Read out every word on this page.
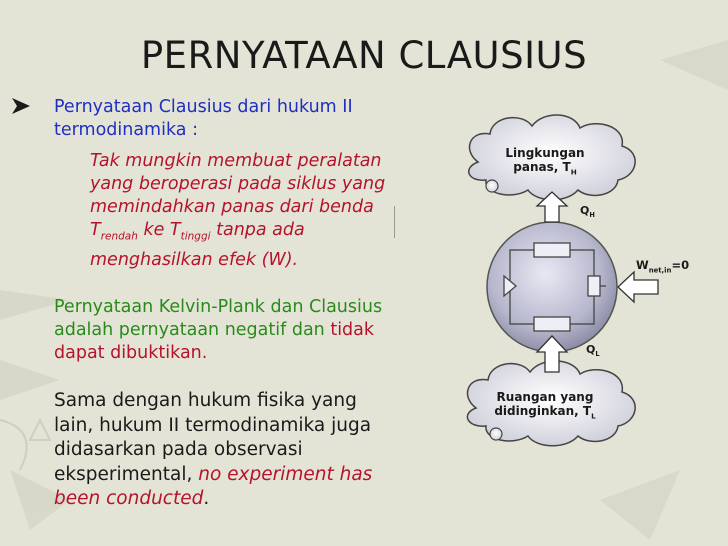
PERNYATAAN CLAUSIUS
Pernyataan Clausius dari hukum II
termodinamika :
Tak mungkin membuat peralatan
yang beroperasi pada siklus yang
memindahkan panas dari benda
$T_{rendah}$ ke $T_{tinggi}$ tanpa ada
menghasilkan efek (W).
Pernyataan Kelvin-Plank dan Clausius
adalah pernyataan negatif dan tidak
dapat dibuktikan.
Sama dengan hukum fisika yang
lain, hukum II termodinamika juga
didasarkan pada observasi
eksperimental, no experiment has
been conducted.
Lingkungan
panas, $T_H$
Ruangan yang
didinginkan, $T_L$
$Q_H$
$Q_L$
$W_{net,in}=0$
